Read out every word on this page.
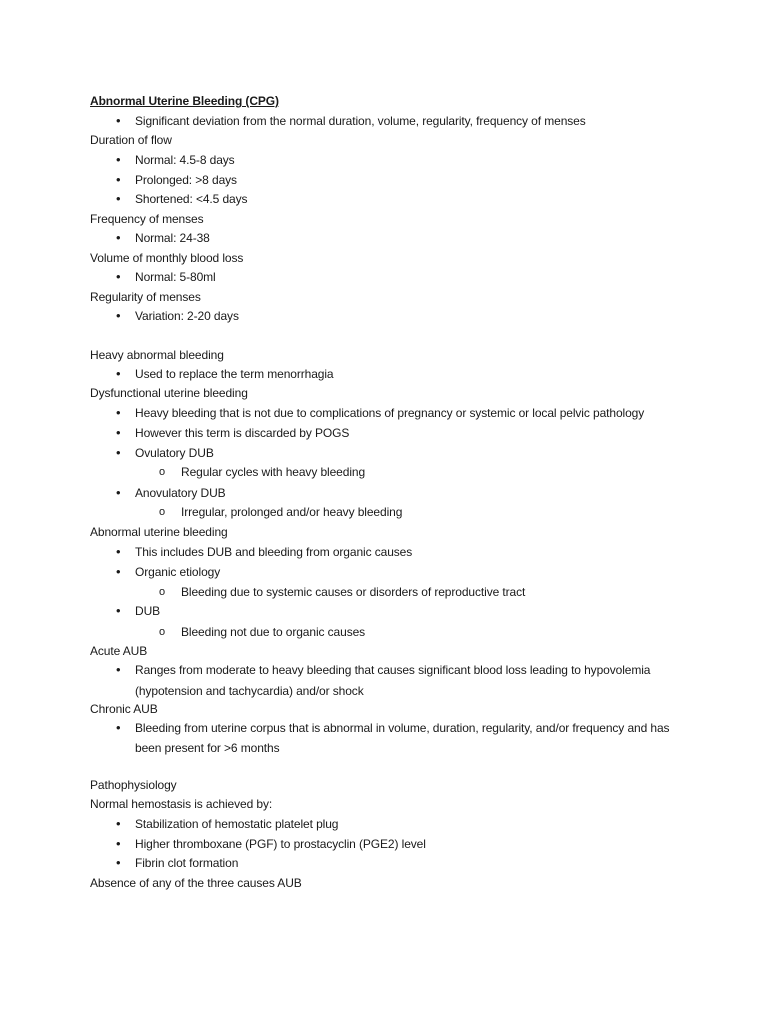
Abnormal Uterine Bleeding (CPG)
• Significant deviation from the normal duration, volume, regularity, frequency of menses
Duration of flow
• Normal: 4.5-8 days
• Prolonged: >8 days
• Shortened: <4.5 days
Frequency of menses
• Normal: 24-38
Volume of monthly blood loss
• Normal: 5-80ml
Regularity of menses
• Variation: 2-20 days
Heavy abnormal bleeding
• Used to replace the term menorrhagia
Dysfunctional uterine bleeding
• Heavy bleeding that is not due to complications of pregnancy or systemic or local pelvic pathology
• However this term is discarded by POGS
• Ovulatory DUB
o Regular cycles with heavy bleeding
• Anovulatory DUB
o Irregular, prolonged and/or heavy bleeding
Abnormal uterine bleeding
• This includes DUB and bleeding from organic causes
• Organic etiology
o Bleeding due to systemic causes or disorders of reproductive tract
• DUB
o Bleeding not due to organic causes
Acute AUB
• Ranges from moderate to heavy bleeding that causes significant blood loss leading to hypovolemia
(hypotension and tachycardia) and/or shock
Chronic AUB
• Bleeding from uterine corpus that is abnormal in volume, duration, regularity, and/or frequency and has
been present for >6 months
Pathophysiology
Normal hemostasis is achieved by:
• Stabilization of hemostatic platelet plug
• Higher thromboxane (PGF) to prostacyclin (PGE2) level
• Fibrin clot formation
Absence of any of the three causes AUB
